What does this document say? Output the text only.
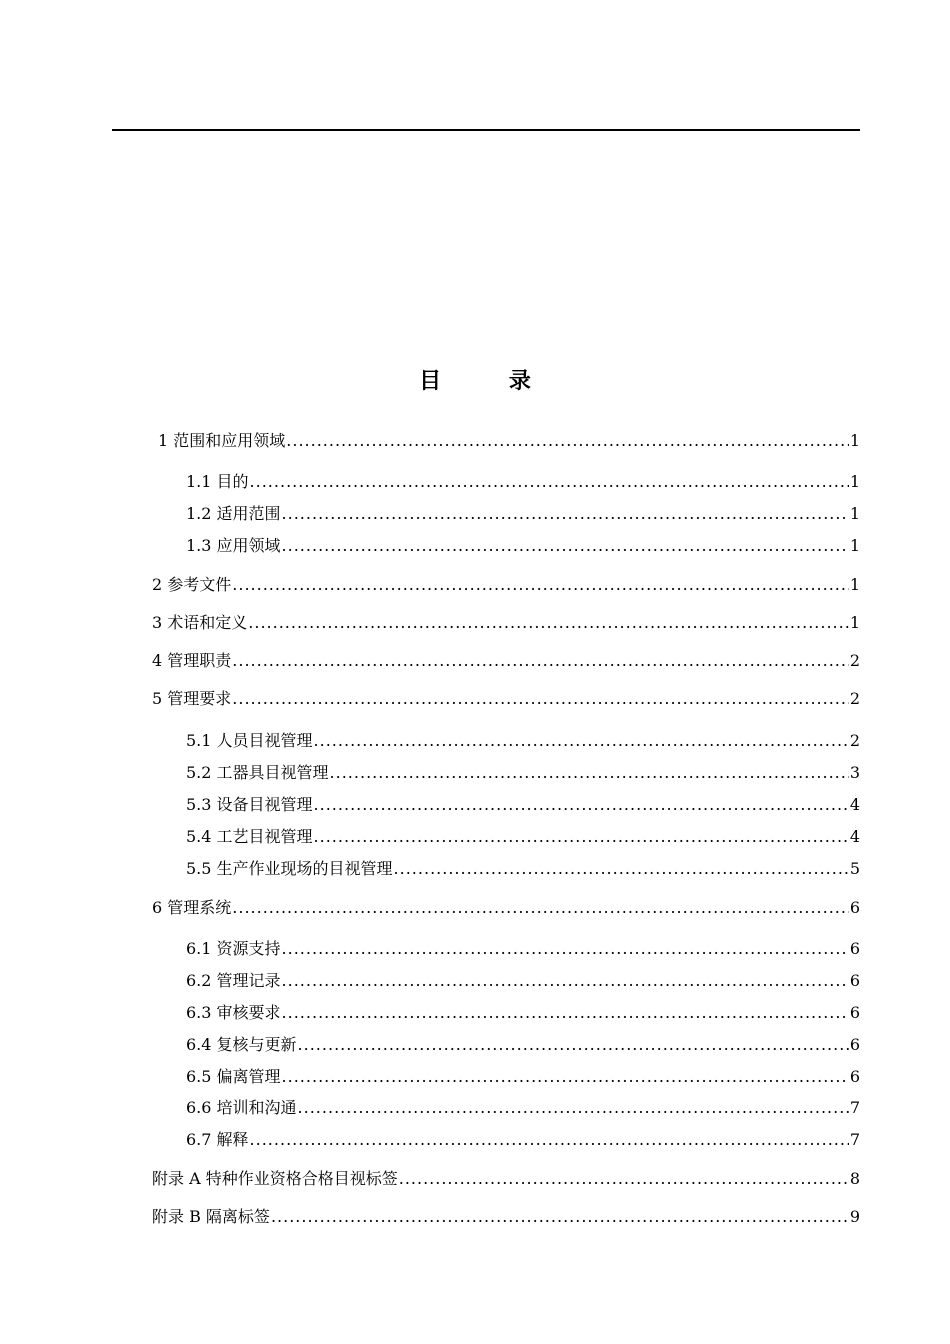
目 录
1 范围和应用领域 .....	1
1.1 目的 .....	1
1.2 适用范围 .....	1
1.3 应用领域 .....	1
2 参考文件 .....	1
3 术语和定义 .....	1
4 管理职责 .....	2
5 管理要求 .....	2
5.1 人员目视管理 .....	2
5.2 工器具目视管理 .....	3
5.3 设备目视管理 .....	4
5.4 工艺目视管理 .....	4
5.5 生产作业现场的目视管理 .....	5
6 管理系统 .....	6
6.1 资源支持 .....	6
6.2 管理记录 .....	6
6.3 审核要求 .....	6
6.4 复核与更新 .....	6
6.5 偏离管理 .....	6
6.6 培训和沟通 .....	7
6.7 解释 .....	7
附录 A 特种作业资格合格目视标签 .....	8
附录 B 隔离标签 .....	9
